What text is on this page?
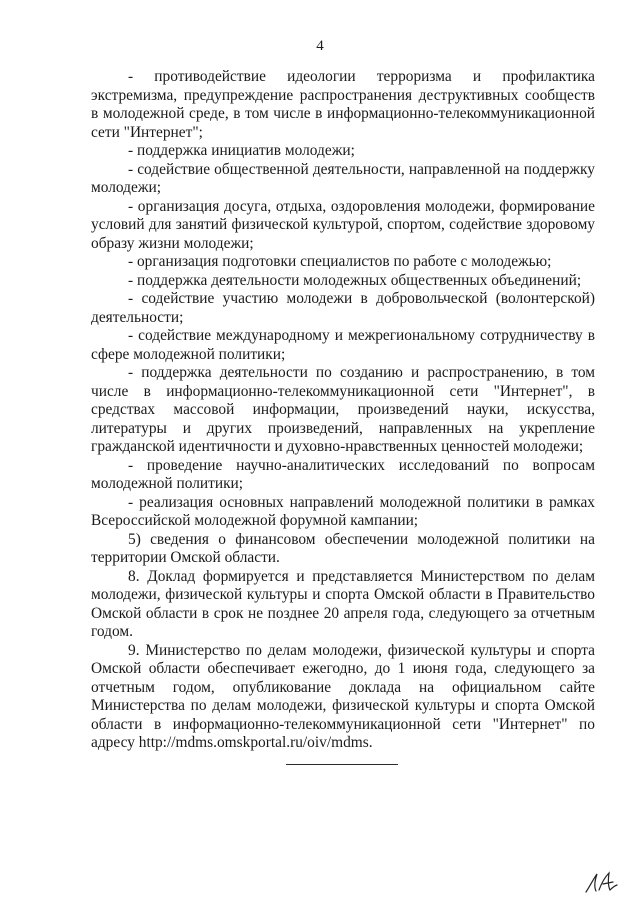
4

- противодействие идеологии терроризма и профилактика экстремизма, предупреждение распространения деструктивных сообществ в молодежной среде, в том числе в информационно-телекоммуникационной сети "Интернет";

- поддержка инициатив молодежи;

- содействие общественной деятельности, направленной на поддержку молодежи;

- организация досуга, отдыха, оздоровления молодежи, формирование условий для занятий физической культурой, спортом, содействие здоровому образу жизни молодежи;

- организация подготовки специалистов по работе с молодежью;

- поддержка деятельности молодежных общественных объединений;

- содействие участию молодежи в добровольческой (волонтерской) деятельности;

- содействие международному и межрегиональному сотрудничеству в сфере молодежной политики;

- поддержка деятельности по созданию и распространению, в том числе в информационно-телекоммуникационной сети "Интернет", в средствах массовой информации, произведений науки, искусства, литературы и других произведений, направленных на укрепление гражданской идентичности и духовно-нравственных ценностей молодежи;

- проведение научно-аналитических исследований по вопросам молодежной политики;

- реализация основных направлений молодежной политики в рамках Всероссийской молодежной форумной кампании;

5) сведения о финансовом обеспечении молодежной политики на территории Омской области.

8. Доклад формируется и представляется Министерством по делам молодежи, физической культуры и спорта Омской области в Правительство Омской области в срок не позднее 20 апреля года, следующего за отчетным годом.

9. Министерство по делам молодежи, физической культуры и спорта Омской области обеспечивает ежегодно, до 1 июня года, следующего за отчетным годом, опубликование доклада на официальном сайте Министерства по делам молодежи, физической культуры и спорта Омской области в информационно-телекоммуникационной сети "Интернет" по адресу http://mdms.omskportal.ru/oiv/mdms.
